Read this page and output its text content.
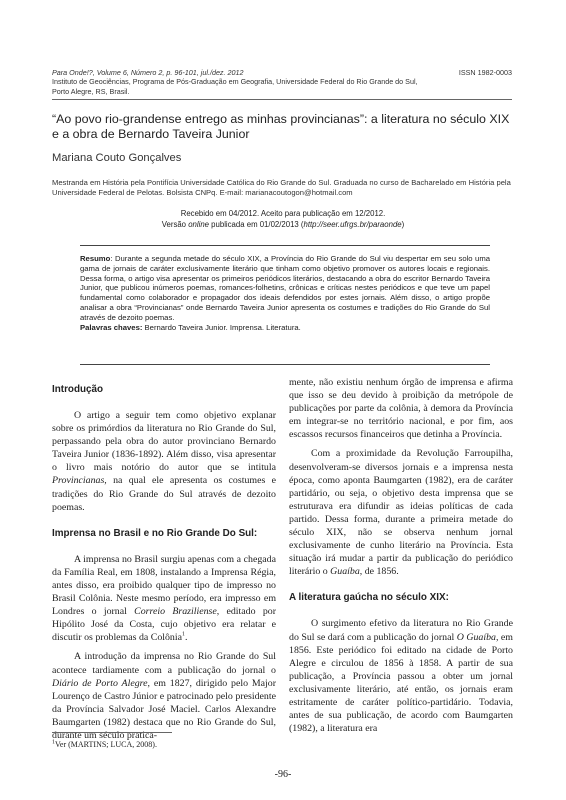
Para Onde!?, Volume 6, Número 2, p. 96-101, jul./dez. 2012
Instituto de Geociências, Programa de Pós-Graduação em Geografia, Universidade Federal do Rio Grande do Sul,
Porto Alegre, RS, Brasil.
ISSN 1982-0003
“Ao povo rio-grandense entrego as minhas provincianas”: a literatura no século XIX e a obra de Bernardo Taveira Junior
Mariana Couto Gonçalves
Mestranda em História pela Pontifícia Universidade Católica do Rio Grande do Sul. Graduada no curso de Bacharelado em História pela Universidade Federal de Pelotas. Bolsista CNPq. E-mail: marianacoutogon@hotmail.com
Recebido em 04/2012. Aceito para publicação em 12/2012.
Versão online publicada em 01/02/2013 (http://seer.ufrgs.br/paraonde)
Resumo: Durante a segunda metade do século XIX, a Província do Rio Grande do Sul viu despertar em seu solo uma gama de jornais de caráter exclusivamente literário que tinham como objetivo promover os autores locais e regionais. Dessa forma, o artigo visa apresentar os primeiros periódicos literários, destacando a obra do escritor Bernardo Taveira Junior, que publicou inúmeros poemas, romances-folhetins, crônicas e críticas nestes periódicos e que teve um papel fundamental como colaborador e propagador dos ideais defendidos por estes jornais. Além disso, o artigo propõe analisar a obra “Provincianas” onde Bernardo Taveira Junior apresenta os costumes e tradições do Rio Grande do Sul através de dezoito poemas.
Palavras chaves: Bernardo Taveira Junior. Imprensa. Literatura.
Introdução

O artigo a seguir tem como objetivo explanar sobre os primórdios da literatura no Rio Grande do Sul, perpassando pela obra do autor provinciano Bernardo Taveira Junior (1836-1892). Além disso, visa apresentar o livro mais notório do autor que se intitula Provincianas, na qual ele apresenta os costumes e tradições do Rio Grande do Sul através de dezoito poemas.

Imprensa no Brasil e no Rio Grande Do Sul:

A imprensa no Brasil surgiu apenas com a chegada da Família Real, em 1808, instalando a Imprensa Régia, antes disso, era proibido qualquer tipo de impresso no Brasil Colônia. Neste mesmo período, era impresso em Londres o jornal Correio Braziliense, editado por Hipólito José da Costa, cujo objetivo era relatar e discutir os problemas da Colônia$^1$.

A introdução da imprensa no Rio Grande do Sul acontece tardiamente com a publicação do jornal o Diário de Porto Alegre, em 1827, dirigido pelo Major Lourenço de Castro Júnior e patrocinado pelo presidente da Província Salvador José Maciel. Carlos Alexandre Baumgarten (1982) destaca que no Rio Grande do Sul, durante um século pratica-

mente, não existiu nenhum órgão de imprensa e afirma que isso se deu devido à proibição da metrópole de publicações por parte da colônia, à demora da Província em integrar-se no território nacional, e por fim, aos escassos recursos financeiros que detinha a Província.

Com a proximidade da Revolução Farroupilha, desenvolveram-se diversos jornais e a imprensa nesta época, como aponta Baumgarten (1982), era de caráter partidário, ou seja, o objetivo desta imprensa que se estruturava era difundir as ideias políticas de cada partido. Dessa forma, durante a primeira metade do século XIX, não se observa nenhum jornal exclusivamente de cunho literário na Província. Esta situação irá mudar a partir da publicação do periódico literário o Guaíba, de 1856.

A literatura gaúcha no século XIX:

O surgimento efetivo da literatura no Rio Grande do Sul se dará com a publicação do jornal O Guaíba, em 1856. Este periódico foi editado na cidade de Porto Alegre e circulou de 1856 à 1858. A partir de sua publicação, a Província passou a obter um jornal exclusivamente literário, até então, os jornais eram estritamente de caráter político-partidário. Todavia, antes de sua publicação, de acordo com Baumgarten (1982), a literatura era

$^1$Ver (MARTINS; LUCA, 2008).
-96-
